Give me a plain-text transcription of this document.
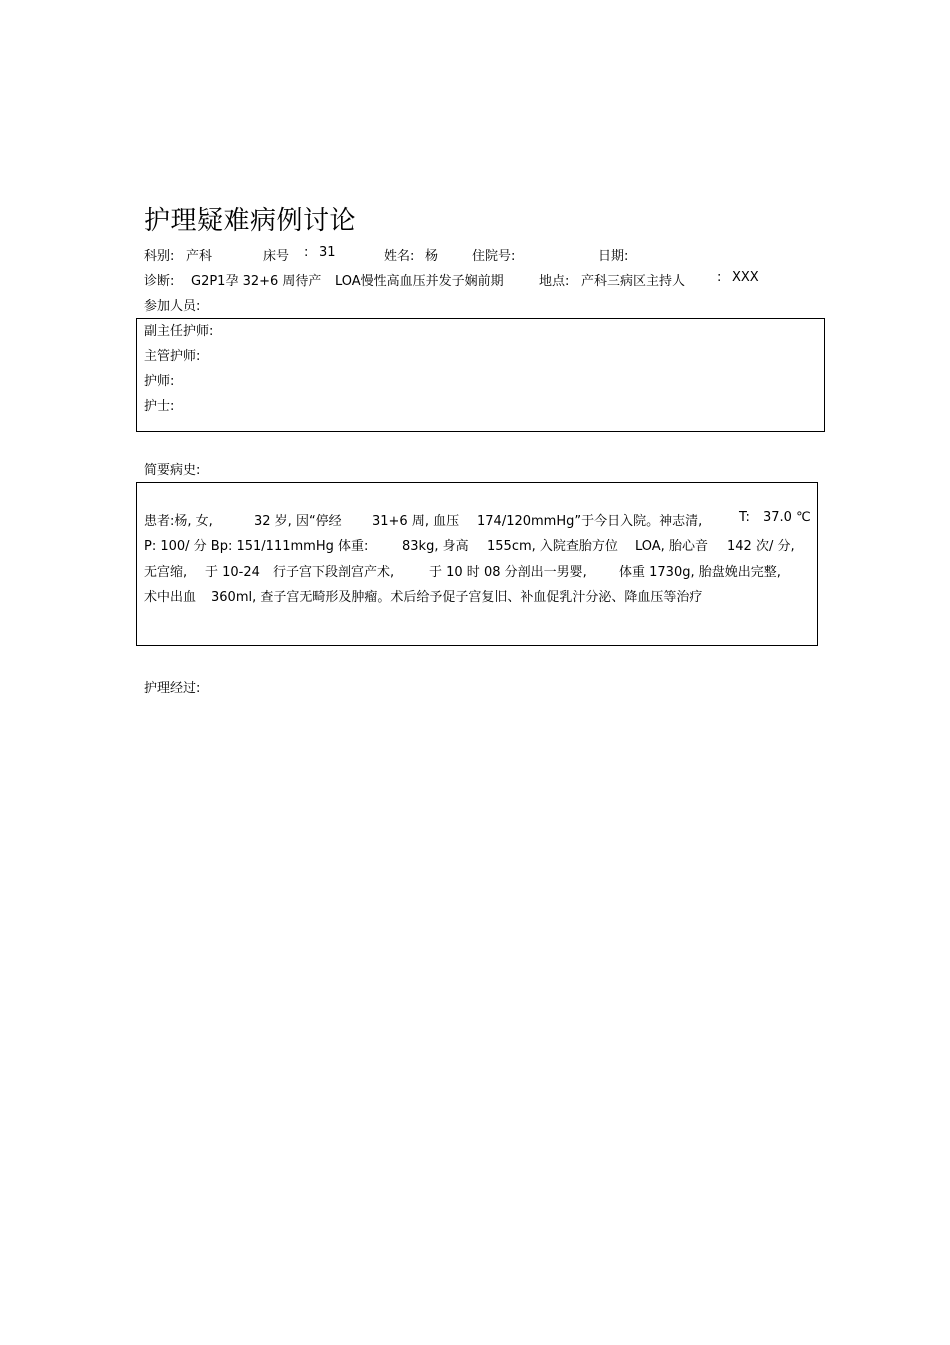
护理疑难病例讨论
科别: 产科	床号 : 31	姓名: 杨	住院号:	日期:
诊断: G2P1孕 32+6 周待产 LOA慢性高血压并发子娴前期	地点: 产科三病区主持人 : XXX
参加人员:
副主任护师:
主管护师:
护师:
护士:
简要病史:
患者:杨, 女,	32 岁, 因“停经 31+6 周, 血压 174/120mmHg”于今日入院。神志清,	T: 37.0 ℃
P: 100/ 分 Bp: 151/111mmHg 体重:	83kg, 身高 155cm, 入院查胎方位 LOA, 胎心音 142 次/ 分,
无宫缩, 于 10-24 行子宫下段剖宫产术,	于 10 时 08 分剖出一男婴, 体重 1730g, 胎盘娩出完整,
术中出血 360ml, 查子宫无畸形及肿瘤。术后给予促子宫复旧、补血促乳汁分泌、降血压等治疗
护理经过:
